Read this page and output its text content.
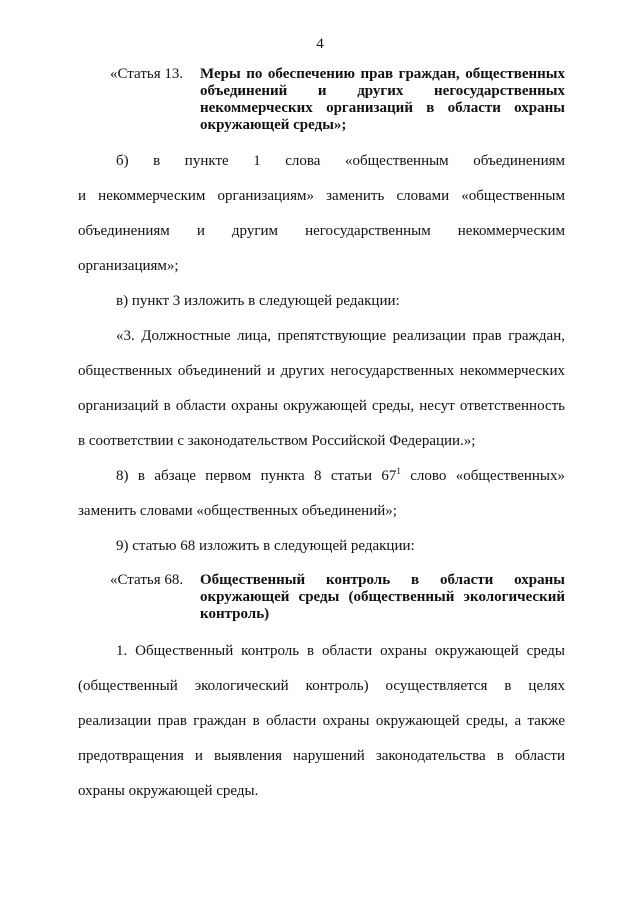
4
«Статья 13. Меры по обеспечению прав граждан, общественных
объединений и других негосударственных
некоммерческих организаций в области охраны
окружающей среды»;
б) в пункте 1 слова «общественным объединениям
и некоммерческим организациям» заменить словами «общественным
объединениям и другим негосударственным некоммерческим
организациям»;
в) пункт 3 изложить в следующей редакции:
«3. Должностные лица, препятствующие реализации прав граждан,
общественных объединений и других негосударственных некоммерческих
организаций в области охраны окружающей среды, несут ответственность
в соответствии с законодательством Российской Федерации.»;
8) в абзаце первом пункта 8 статьи $67^1$ слово «общественных»
заменить словами «общественных объединений»;
9) статью 68 изложить в следующей редакции:
«Статья 68. Общественный контроль в области охраны
окружающей среды (общественный экологический
контроль)
1. Общественный контроль в области охраны окружающей среды
(общественный экологический контроль) осуществляется в целях
реализации прав граждан в области охраны окружающей среды, а также
предотвращения и выявления нарушений законодательства в области
охраны окружающей среды.
